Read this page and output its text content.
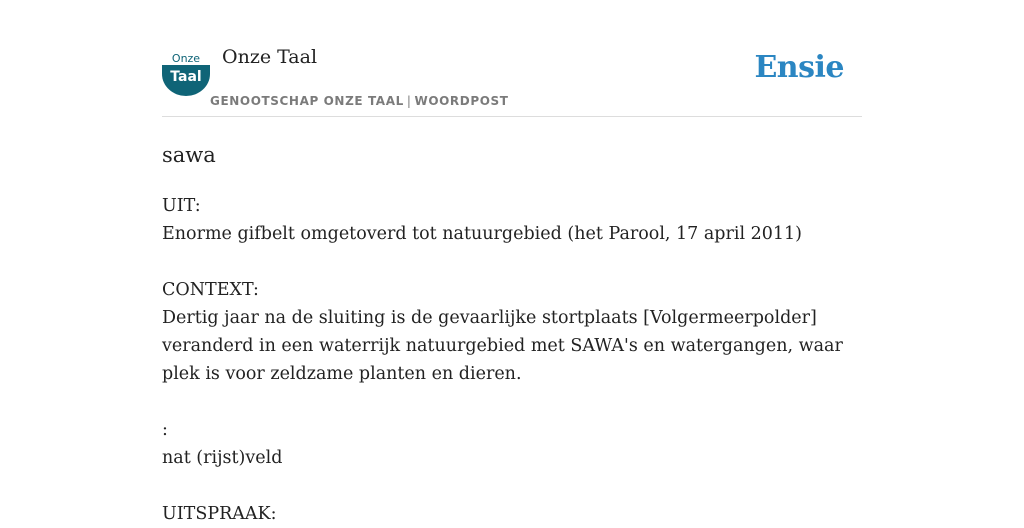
Onze
Taal
Onze Taal
GENOOTSCHAP ONZE TAAL | WOORDPOST
Ensie
sawa
UIT:
Enorme gifbelt omgetoverd tot natuurgebied (het Parool, 17 april 2011)
CONTEXT:
Dertig jaar na de sluiting is de gevaarlijke stortplaats [Volgermeerpolder] veranderd in een waterrijk natuurgebied met SAWA's en watergangen, waar plek is voor zeldzame planten en dieren.
:
nat (rijst)veld
UITSPRAAK:
